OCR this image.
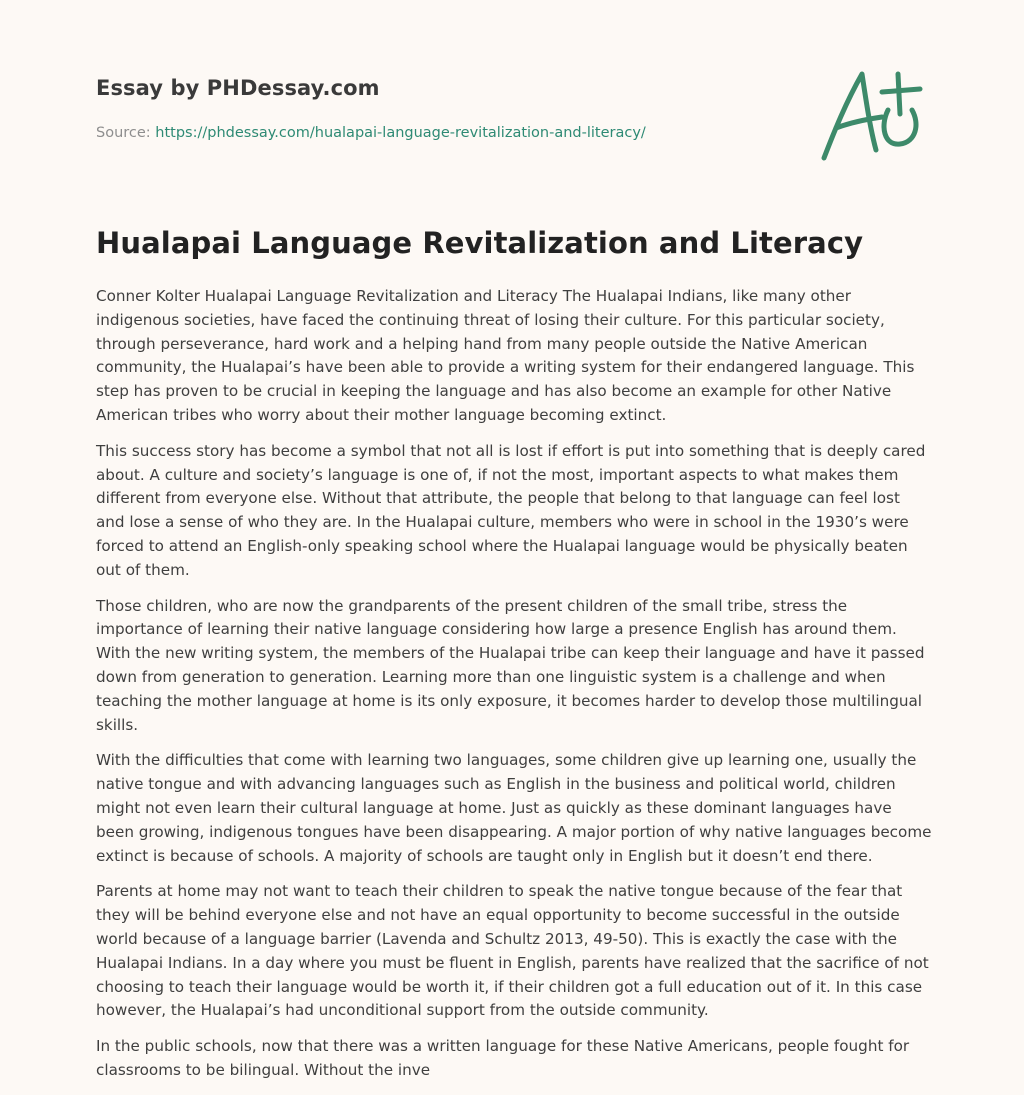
Essay by PHDessay.com
Source: https://phdessay.com/hualapai-language-revitalization-and-literacy/
Hualapai Language Revitalization and Literacy

Conner Kolter Hualapai Language Revitalization and Literacy The Hualapai Indians, like many other indigenous societies, have faced the continuing threat of losing their culture. For this particular society, through perseverance, hard work and a helping hand from many people outside the Native American community, the Hualapai’s have been able to provide a writing system for their endangered language. This step has proven to be crucial in keeping the language and has also become an example for other Native American tribes who worry about their mother language becoming extinct.

This success story has become a symbol that not all is lost if effort is put into something that is deeply cared about. A culture and society’s language is one of, if not the most, important aspects to what makes them different from everyone else. Without that attribute, the people that belong to that language can feel lost and lose a sense of who they are. In the Hualapai culture, members who were in school in the 1930’s were forced to attend an English-only speaking school where the Hualapai language would be physically beaten out of them.

Those children, who are now the grandparents of the present children of the small tribe, stress the importance of learning their native language considering how large a presence English has around them. With the new writing system, the members of the Hualapai tribe can keep their language and have it passed down from generation to generation. Learning more than one linguistic system is a challenge and when teaching the mother language at home is its only exposure, it becomes harder to develop those multilingual skills.

With the difficulties that come with learning two languages, some children give up learning one, usually the native tongue and with advancing languages such as English in the business and political world, children might not even learn their cultural language at home. Just as quickly as these dominant languages have been growing, indigenous tongues have been disappearing. A major portion of why native languages become extinct is because of schools. A majority of schools are taught only in English but it doesn’t end there.

Parents at home may not want to teach their children to speak the native tongue because of the fear that they will be behind everyone else and not have an equal opportunity to become successful in the outside world because of a language barrier (Lavenda and Schultz 2013, 49-50). This is exactly the case with the Hualapai Indians. In a day where you must be fluent in English, parents have realized that the sacrifice of not choosing to teach their language would be worth it, if their children got a full education out of it. In this case however, the Hualapai’s had unconditional support from the outside community.

In the public schools, now that there was a written language for these Native Americans, people fought for classrooms to be bilingual. Without the inve
